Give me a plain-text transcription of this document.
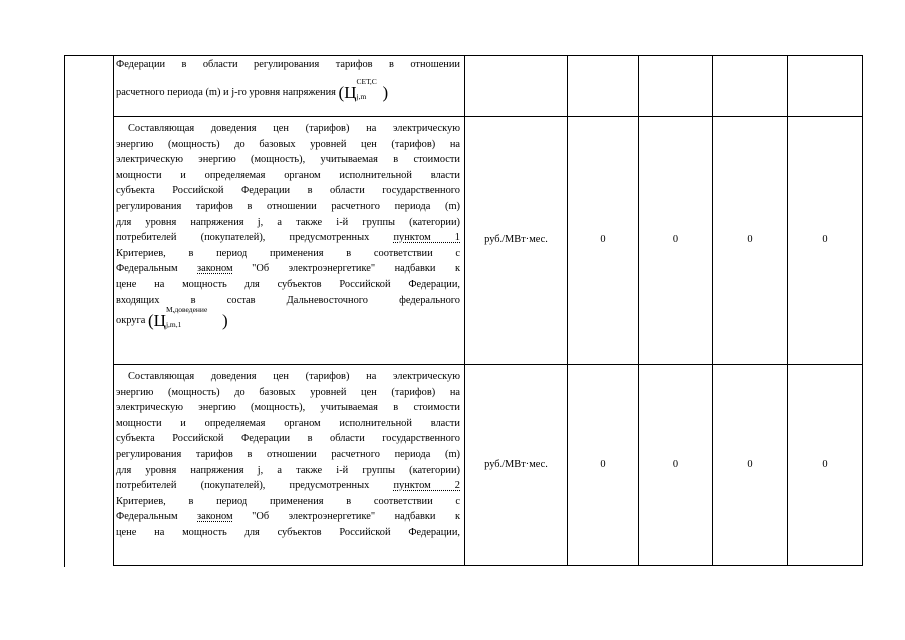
Федерации в области регулирования тарифов в отношении
расчетного периода (m) и j-го уровня напряжения (Ц
СЕТ,С
j,m )
Составляющая доведения цен (тарифов) на электрическую
энергию (мощность) до базовых уровней цен (тарифов) на
электрическую энергию (мощность), учитываемая в стоимости
мощности и определяемая органом исполнительной власти
субъекта Российской Федерации в области государственного
регулирования тарифов в отношении расчетного периода (m)
для уровня напряжения j, а также i-й группы (категории)
потребителей (покупателей), предусмотренных пунктом 1
Критериев, в период применения в соответствии с
Федеральным законом "Об электроэнергетике" надбавки к
цене на мощность для субъектов Российской Федерации,
входящих в состав Дальневосточного федерального
округа (Ц
М,доведение
j,m,1 )
руб./МВт·мес.	0	0	0	0
Составляющая доведения цен (тарифов) на электрическую
энергию (мощность) до базовых уровней цен (тарифов) на
электрическую энергию (мощность), учитываемая в стоимости
мощности и определяемая органом исполнительной власти
субъекта Российской Федерации в области государственного
регулирования тарифов в отношении расчетного периода (m)
для уровня напряжения j, а также i-й группы (категории)
потребителей (покупателей), предусмотренных пунктом 2
Критериев, в период применения в соответствии с
Федеральным законом "Об электроэнергетике" надбавки к
цене на мощность для субъектов Российской Федерации,
руб./МВт·мес.	0	0	0	0
